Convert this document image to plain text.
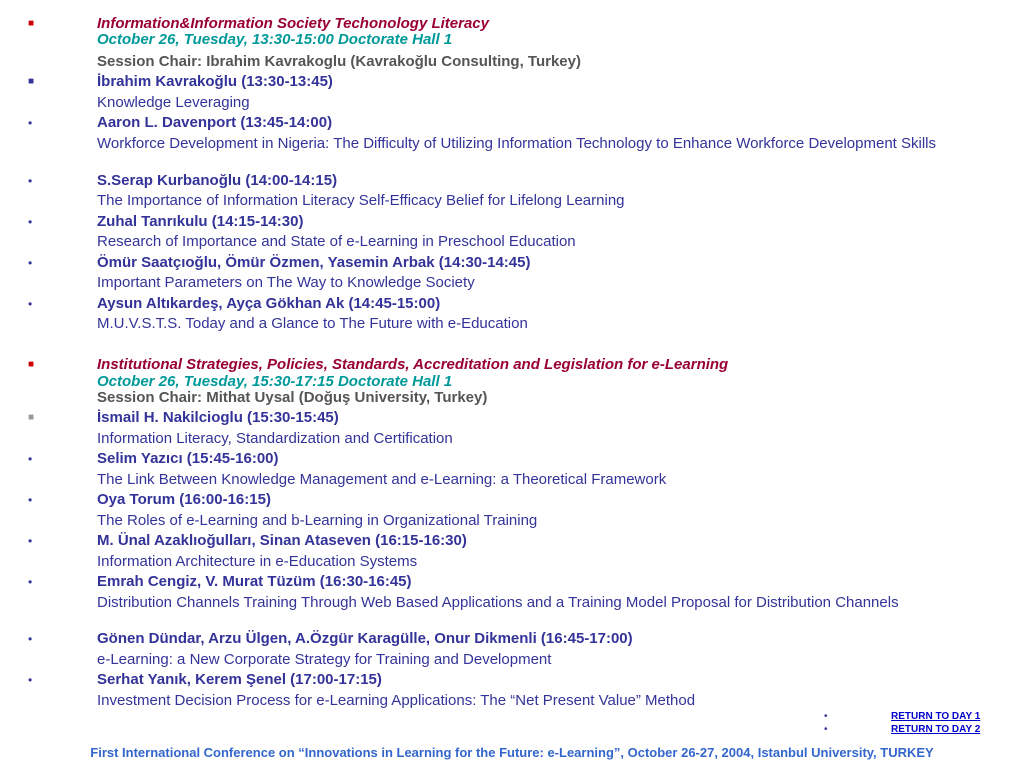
■	Information&Information Society Techonology Literacy
October 26, Tuesday, 13:30-15:00 Doctorate Hall 1
Session Chair: Ibrahim Kavrakoglu (Kavrakoğlu Consulting, Turkey)
■	İbrahim Kavrakoğlu (13:30-13:45)
Knowledge Leveraging
•	Aaron L. Davenport (13:45-14:00)
Workforce Development in Nigeria: The Difficulty of Utilizing Information Technology to Enhance Workforce Development Skills
•	S.Serap Kurbanoğlu (14:00-14:15)
The Importance of Information Literacy Self-Efficacy Belief for Lifelong Learning
•	Zuhal Tanrıkulu (14:15-14:30)
Research of Importance and State of e-Learning in Preschool Education
•	Ömür Saatçıoğlu, Ömür Özmen, Yasemin Arbak (14:30-14:45)
Important Parameters on The Way to Knowledge Society
•	Aysun Altıkardeş, Ayça Gökhan Ak (14:45-15:00)
M.U.V.S.T.S. Today and a Glance to The Future with e-Education
■	Institutional Strategies, Policies, Standards, Accreditation and Legislation for e-Learning
October 26, Tuesday, 15:30-17:15 Doctorate Hall 1
Session Chair: Mithat Uysal (Doğuş University, Turkey)
■	İsmail H. Nakilcioglu (15:30-15:45)
Information Literacy, Standardization and Certification
•	Selim Yazıcı (15:45-16:00)
The Link Between Knowledge Management and e-Learning: a Theoretical Framework
•	Oya Torum (16:00-16:15)
The Roles of e-Learning and b-Learning in Organizational Training
•	M. Ünal Azaklıoğulları, Sinan Ataseven (16:15-16:30)
Information Architecture in e-Education Systems
•	Emrah Cengiz, V. Murat Tüzüm (16:30-16:45)
Distribution Channels Training Through Web Based Applications and a Training Model Proposal for Distribution Channels
•	Gönen Dündar, Arzu Ülgen, A.Özgür Karagülle, Onur Dikmenli (16:45-17:00)
e-Learning: a New Corporate Strategy for Training and Development
•	Serhat Yanık, Kerem Şenel (17:00-17:15)
Investment Decision Process for e-Learning Applications: The “Net Present Value” Method
•	RETURN TO DAY 1
•	RETURN TO DAY 2
First International Conference on “Innovations in Learning for the Future: e-Learning”, October 26-27, 2004, Istanbul University, TURKEY
